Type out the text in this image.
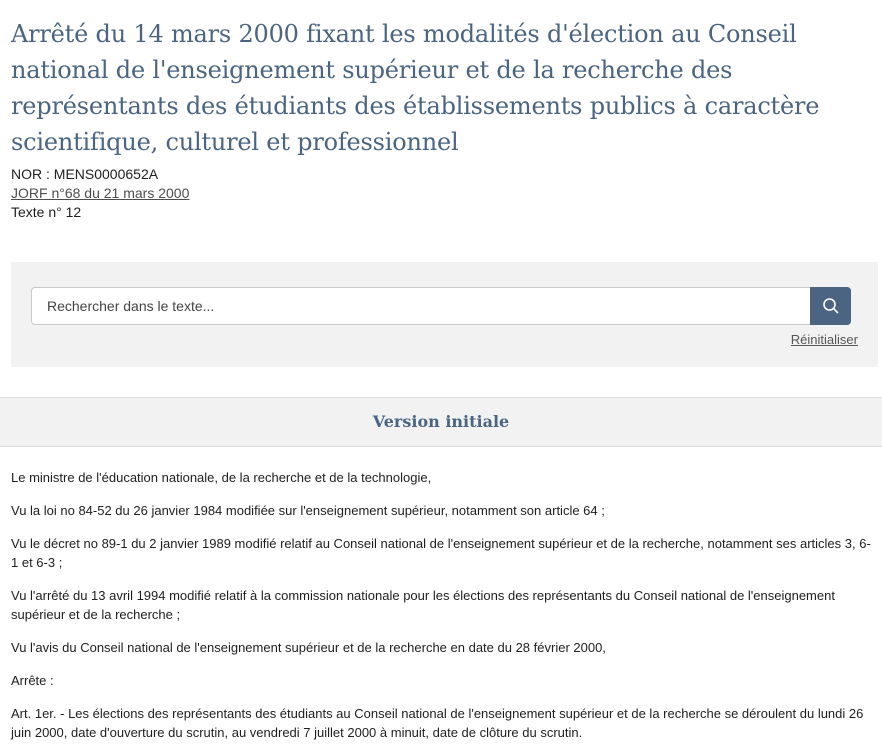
Arrêté du 14 mars 2000 fixant les modalités d'élection au Conseil national de l'enseignement supérieur et de la recherche des représentants des étudiants des établissements publics à caractère scientifique, culturel et professionnel
NOR : MENS0000652A
JORF n°68 du 21 mars 2000
Texte n° 12
Rechercher dans le texte...
Réinitialiser
Version initiale

Le ministre de l'éducation nationale, de la recherche et de la technologie,

Vu la loi no 84-52 du 26 janvier 1984 modifiée sur l'enseignement supérieur, notamment son article 64 ;

Vu le décret no 89-1 du 2 janvier 1989 modifié relatif au Conseil national de l'enseignement supérieur et de la recherche, notamment ses articles 3, 6-1 et 6-3 ;

Vu l'arrêté du 13 avril 1994 modifié relatif à la commission nationale pour les élections des représentants du Conseil national de l'enseignement supérieur et de la recherche ;

Vu l'avis du Conseil national de l'enseignement supérieur et de la recherche en date du 28 février 2000,

Arrête :

Art. 1er. - Les élections des représentants des étudiants au Conseil national de l'enseignement supérieur et de la recherche se déroulent du lundi 26 juin 2000, date d'ouverture du scrutin, au vendredi 7 juillet 2000 à minuit, date de clôture du scrutin.
